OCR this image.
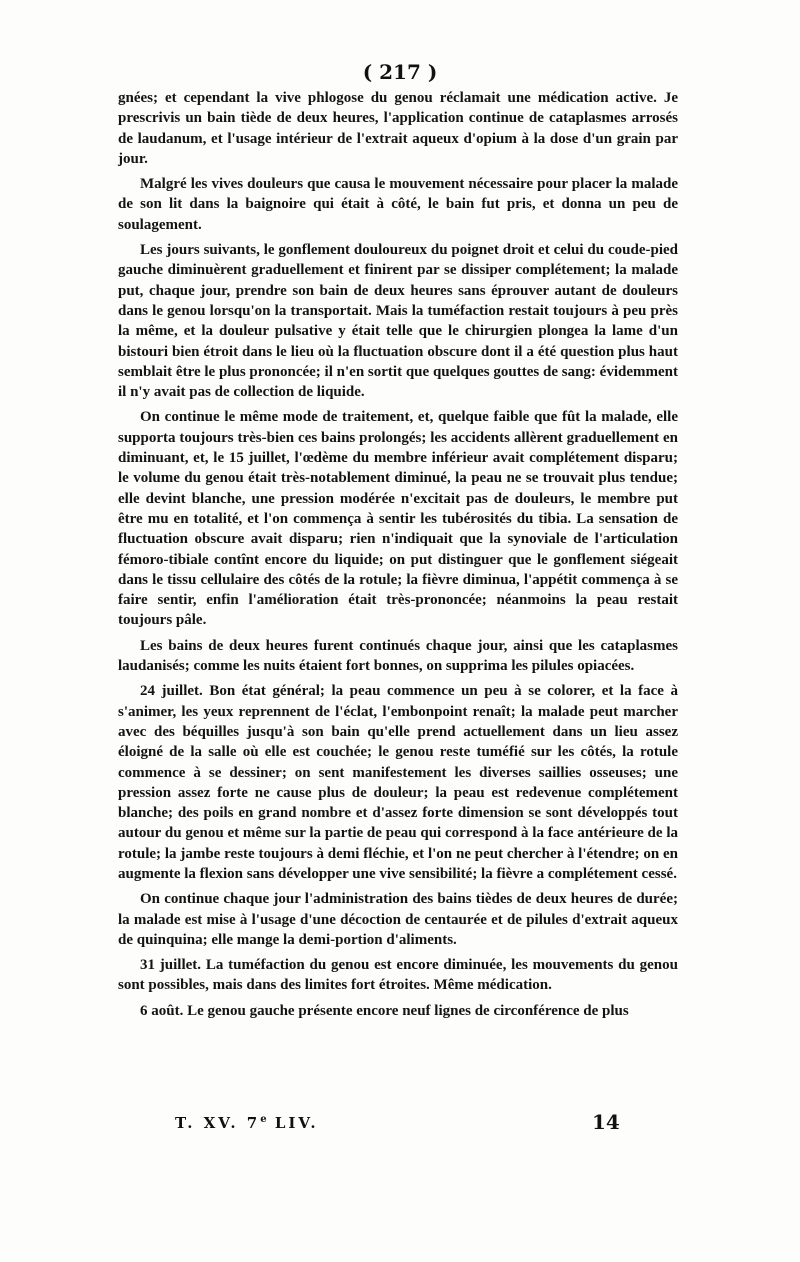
( 217 )

gnées; et cependant la vive phlogose du genou réclamait une médication active. Je prescrivis un bain tiède de deux heures, l'application continue de cataplasmes arrosés de laudanum, et l'usage intérieur de l'extrait aqueux d'opium à la dose d'un grain par jour.

Malgré les vives douleurs que causa le mouvement nécessaire pour placer la malade de son lit dans la baignoire qui était à côté, le bain fut pris, et donna un peu de soulagement.

Les jours suivants, le gonflement douloureux du poignet droit et celui du coude-pied gauche diminuèrent graduellement et finirent par se dissiper complétement; la malade put, chaque jour, prendre son bain de deux heures sans éprouver autant de douleurs dans le genou lorsqu'on la transportait. Mais la tuméfaction restait toujours à peu près la même, et la douleur pulsative y était telle que le chirurgien plongea la lame d'un bistouri bien étroit dans le lieu où la fluctuation obscure dont il a été question plus haut semblait être le plus prononcée; il n'en sortit que quelques gouttes de sang: évidemment il n'y avait pas de collection de liquide.

On continue le même mode de traitement, et, quelque faible que fût la malade, elle supporta toujours très-bien ces bains prolongés; les accidents allèrent graduellement en diminuant, et, le 15 juillet, l'œdème du membre inférieur avait complétement disparu; le volume du genou était très-notablement diminué, la peau ne se trouvait plus tendue; elle devint blanche, une pression modérée n'excitait pas de douleurs, le membre put être mu en totalité, et l'on commença à sentir les tubérosités du tibia. La sensation de fluctuation obscure avait disparu; rien n'indiquait que la synoviale de l'articulation fémoro-tibiale contînt encore du liquide; on put distinguer que le gonflement siégeait dans le tissu cellulaire des côtés de la rotule; la fièvre diminua, l'appétit commença à se faire sentir, enfin l'amélioration était très-prononcée; néanmoins la peau restait toujours pâle.

Les bains de deux heures furent continués chaque jour, ainsi que les cataplasmes laudanisés; comme les nuits étaient fort bonnes, on supprima les pilules opiacées.

24 juillet. Bon état général; la peau commence un peu à se colorer, et la face à s'animer, les yeux reprennent de l'éclat, l'embonpoint renaît; la malade peut marcher avec des béquilles jusqu'à son bain qu'elle prend actuellement dans un lieu assez éloigné de la salle où elle est couchée; le genou reste tuméfié sur les côtés, la rotule commence à se dessiner; on sent manifestement les diverses saillies osseuses; une pression assez forte ne cause plus de douleur; la peau est redevenue complétement blanche; des poils en grand nombre et d'assez forte dimension se sont développés tout autour du genou et même sur la partie de peau qui correspond à la face antérieure de la rotule; la jambe reste toujours à demi fléchie, et l'on ne peut chercher à l'étendre; on en augmente la flexion sans développer une vive sensibilité; la fièvre a complétement cessé.

On continue chaque jour l'administration des bains tièdes de deux heures de durée; la malade est mise à l'usage d'une décoction de centaurée et de pilules d'extrait aqueux de quinquina; elle mange la demi-portion d'aliments.

31 juillet. La tuméfaction du genou est encore diminuée, les mouvements du genou sont possibles, mais dans des limites fort étroites. Même médication.

6 août. Le genou gauche présente encore neuf lignes de circonférence de plus

T. XV. 7e LIV.	14
